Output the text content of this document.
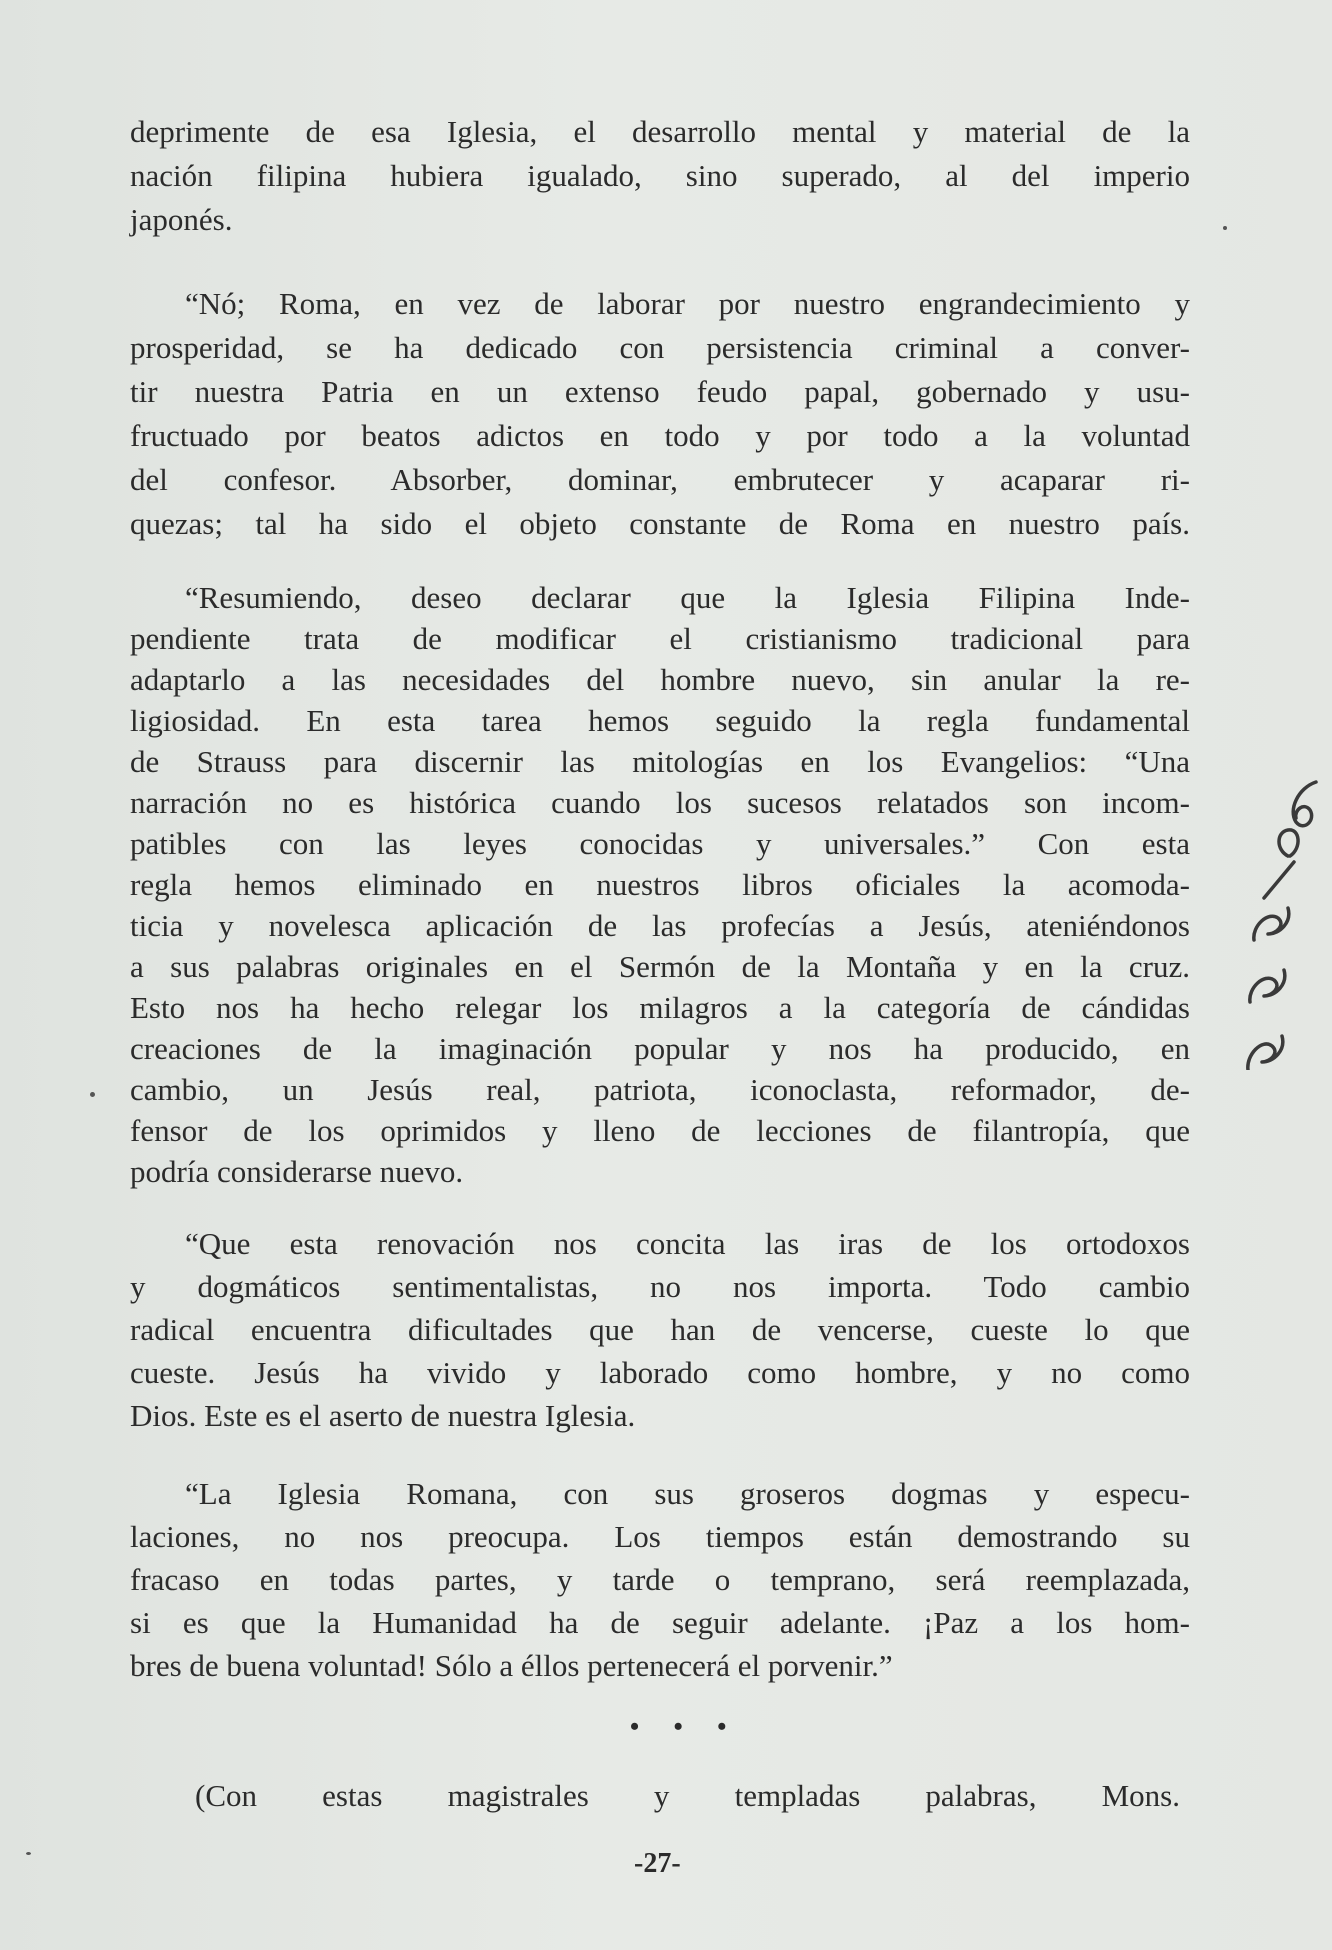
deprimente de esa Iglesia, el desarrollo mental y material de la
nación filipina hubiera igualado, sino superado, al del imperio
japonés.
“Nó; Roma, en vez de laborar por nuestro engrandecimiento y
prosperidad, se ha dedicado con persistencia criminal a conver-
tir nuestra Patria en un extenso feudo papal, gobernado y usu-
fructuado por beatos adictos en todo y por todo a la voluntad
del confesor. Absorber, dominar, embrutecer y acaparar ri-
quezas; tal ha sido el objeto constante de Roma en nuestro país.
“Resumiendo, deseo declarar que la Iglesia Filipina Inde-
pendiente trata de modificar el cristianismo tradicional para
adaptarlo a las necesidades del hombre nuevo, sin anular la re-
ligiosidad. En esta tarea hemos seguido la regla fundamental
de Strauss para discernir las mitologías en los Evangelios: “Una
narración no es histórica cuando los sucesos relatados son incom-
patibles con las leyes conocidas y universales.” Con esta
regla hemos eliminado en nuestros libros oficiales la acomoda-
ticia y novelesca aplicación de las profecías a Jesús, ateniéndonos
a sus palabras originales en el Sermón de la Montaña y en la cruz.
Esto nos ha hecho relegar los milagros a la categoría de cándidas
creaciones de la imaginación popular y nos ha producido, en
cambio, un Jesús real, patriota, iconoclasta, reformador, de-
fensor de los oprimidos y lleno de lecciones de filantropía, que
podría considerarse nuevo.
“Que esta renovación nos concita las iras de los ortodoxos
y dogmáticos sentimentalistas, no nos importa. Todo cambio
radical encuentra dificultades que han de vencerse, cueste lo que
cueste. Jesús ha vivido y laborado como hombre, y no como
Dios. Este es el aserto de nuestra Iglesia.
“La Iglesia Romana, con sus groseros dogmas y especu-
laciones, no nos preocupa. Los tiempos están demostrando su
fracaso en todas partes, y tarde o temprano, será reemplazada,
si es que la Humanidad ha de seguir adelante. ¡Paz a los hom-
bres de buena voluntad! Sólo a éllos pertenecerá el porvenir.”
• • •
(Con estas magistrales y templadas palabras, Mons.
-27-
